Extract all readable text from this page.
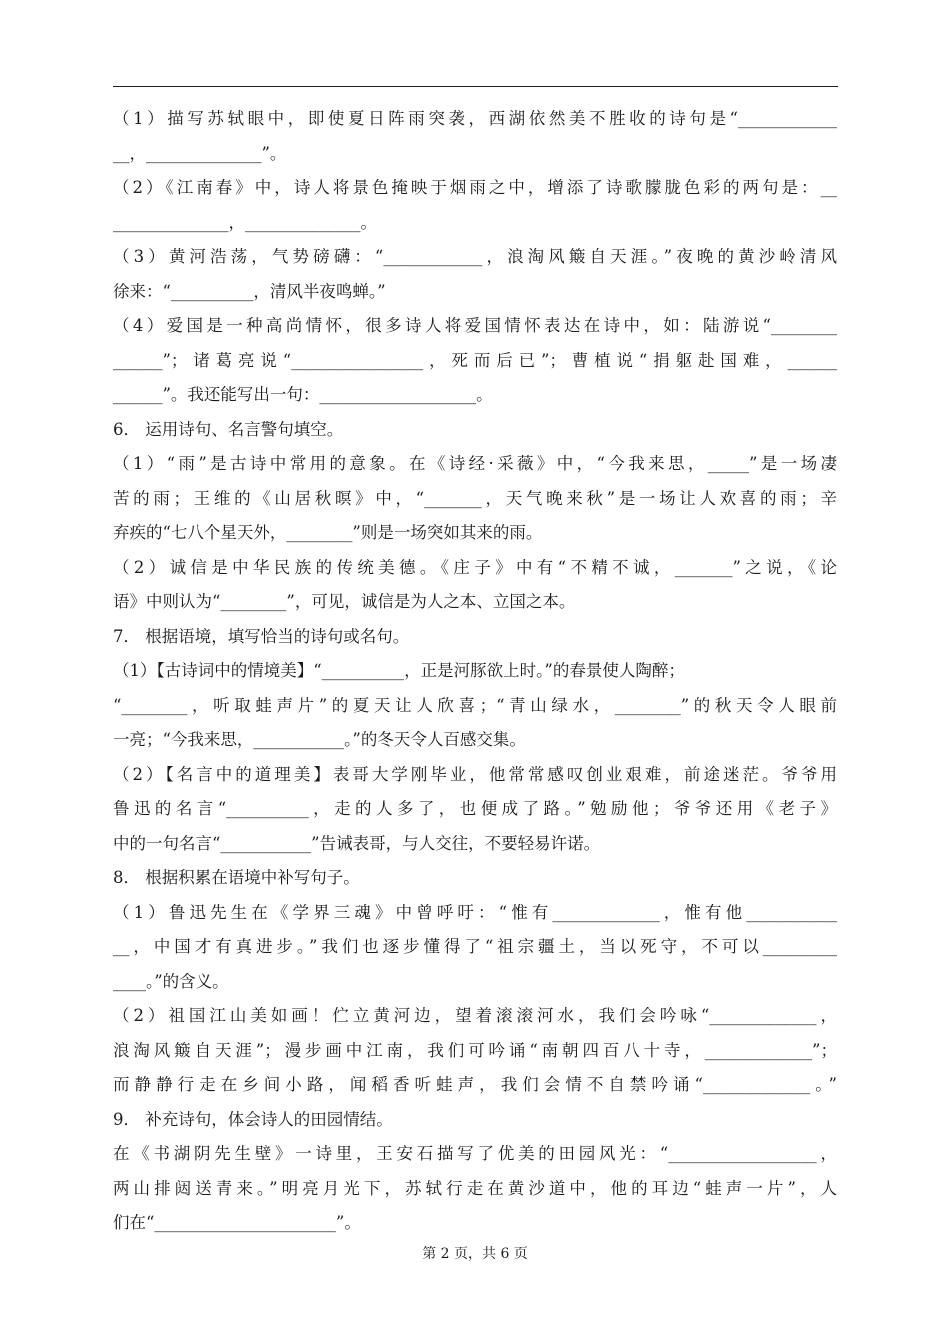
（1）描写苏轼眼中，即使夏日阵雨突袭，西湖依然美不胜收的诗句是“____________
__，______________”。
（2）《江南春》中，诗人将景色掩映于烟雨之中，增添了诗歌朦胧色彩的两句是：__
______________，______________。
（3）黄河浩荡，气势磅礴：“____________，浪淘风簸自天涯。”夜晚的黄沙岭清风
徐来：“__________，清风半夜鸣蝉。”
（4）爱国是一种高尚情怀，很多诗人将爱国情怀表达在诗中，如：陆游说“________
______”；诸葛亮说“________________，死而后已”；曹植说“捐躯赴国难，______
______”。我还能写出一句：___________________。
6． 运用诗句、名言警句填空。
（1）“雨”是古诗中常用的意象。在《诗经·采薇》中，“今我来思，_____”是一场凄
苦的雨；王维的《山居秋暝》中，“_______，天气晚来秋”是一场让人欢喜的雨；辛
弃疾的“七八个星天外，________”则是一场突如其来的雨。
（2）诚信是中华民族的传统美德。《庄子》中有“不精不诚，_______”之说，《论
语》中则认为“________”，可见，诚信是为人之本、立国之本。
7． 根据语境，填写恰当的诗句或名句。
（1）【古诗词中的情境美】“__________，正是河豚欲上时。”的春景使人陶醉；
“________，听取蛙声片”的夏天让人欣喜；“青山绿水，________”的秋天令人眼前
一亮；“今我来思，___________。”的冬天令人百感交集。
（2）【名言中的道理美】表哥大学刚毕业，他常常感叹创业艰难，前途迷茫。爷爷用
鲁迅的名言“__________，走的人多了，也便成了路。”勉励他；爷爷还用《老子》
中的一句名言“___________”告诫表哥，与人交往，不要轻易许诺。
8． 根据积累在语境中补写句子。
（1）鲁迅先生在《学界三魂》中曾呼吁：“惟有_____________，惟有他___________
__，中国才有真进步。”我们也逐步懂得了“祖宗疆土，当以死守，不可以_________
____。”的含义。
（2）祖国江山美如画！伫立黄河边，望着滚滚河水，我们会吟咏“_____________，
浪淘风簸自天涯”；漫步画中江南，我们可吟诵“南朝四百八十寺，_____________”；
而静静行走在乡间小路，闻稻香听蛙声，我们会情不自禁吟诵“_____________。”
9． 补充诗句，体会诗人的田园情结。
在《书湖阴先生壁》一诗里，王安石描写了优美的田园风光：“__________________，
两山排闼送青来。”明亮月光下，苏轼行走在黄沙道中，他的耳边“蛙声一片”，人
们在“______________________”。
第 2 页，共 6 页
